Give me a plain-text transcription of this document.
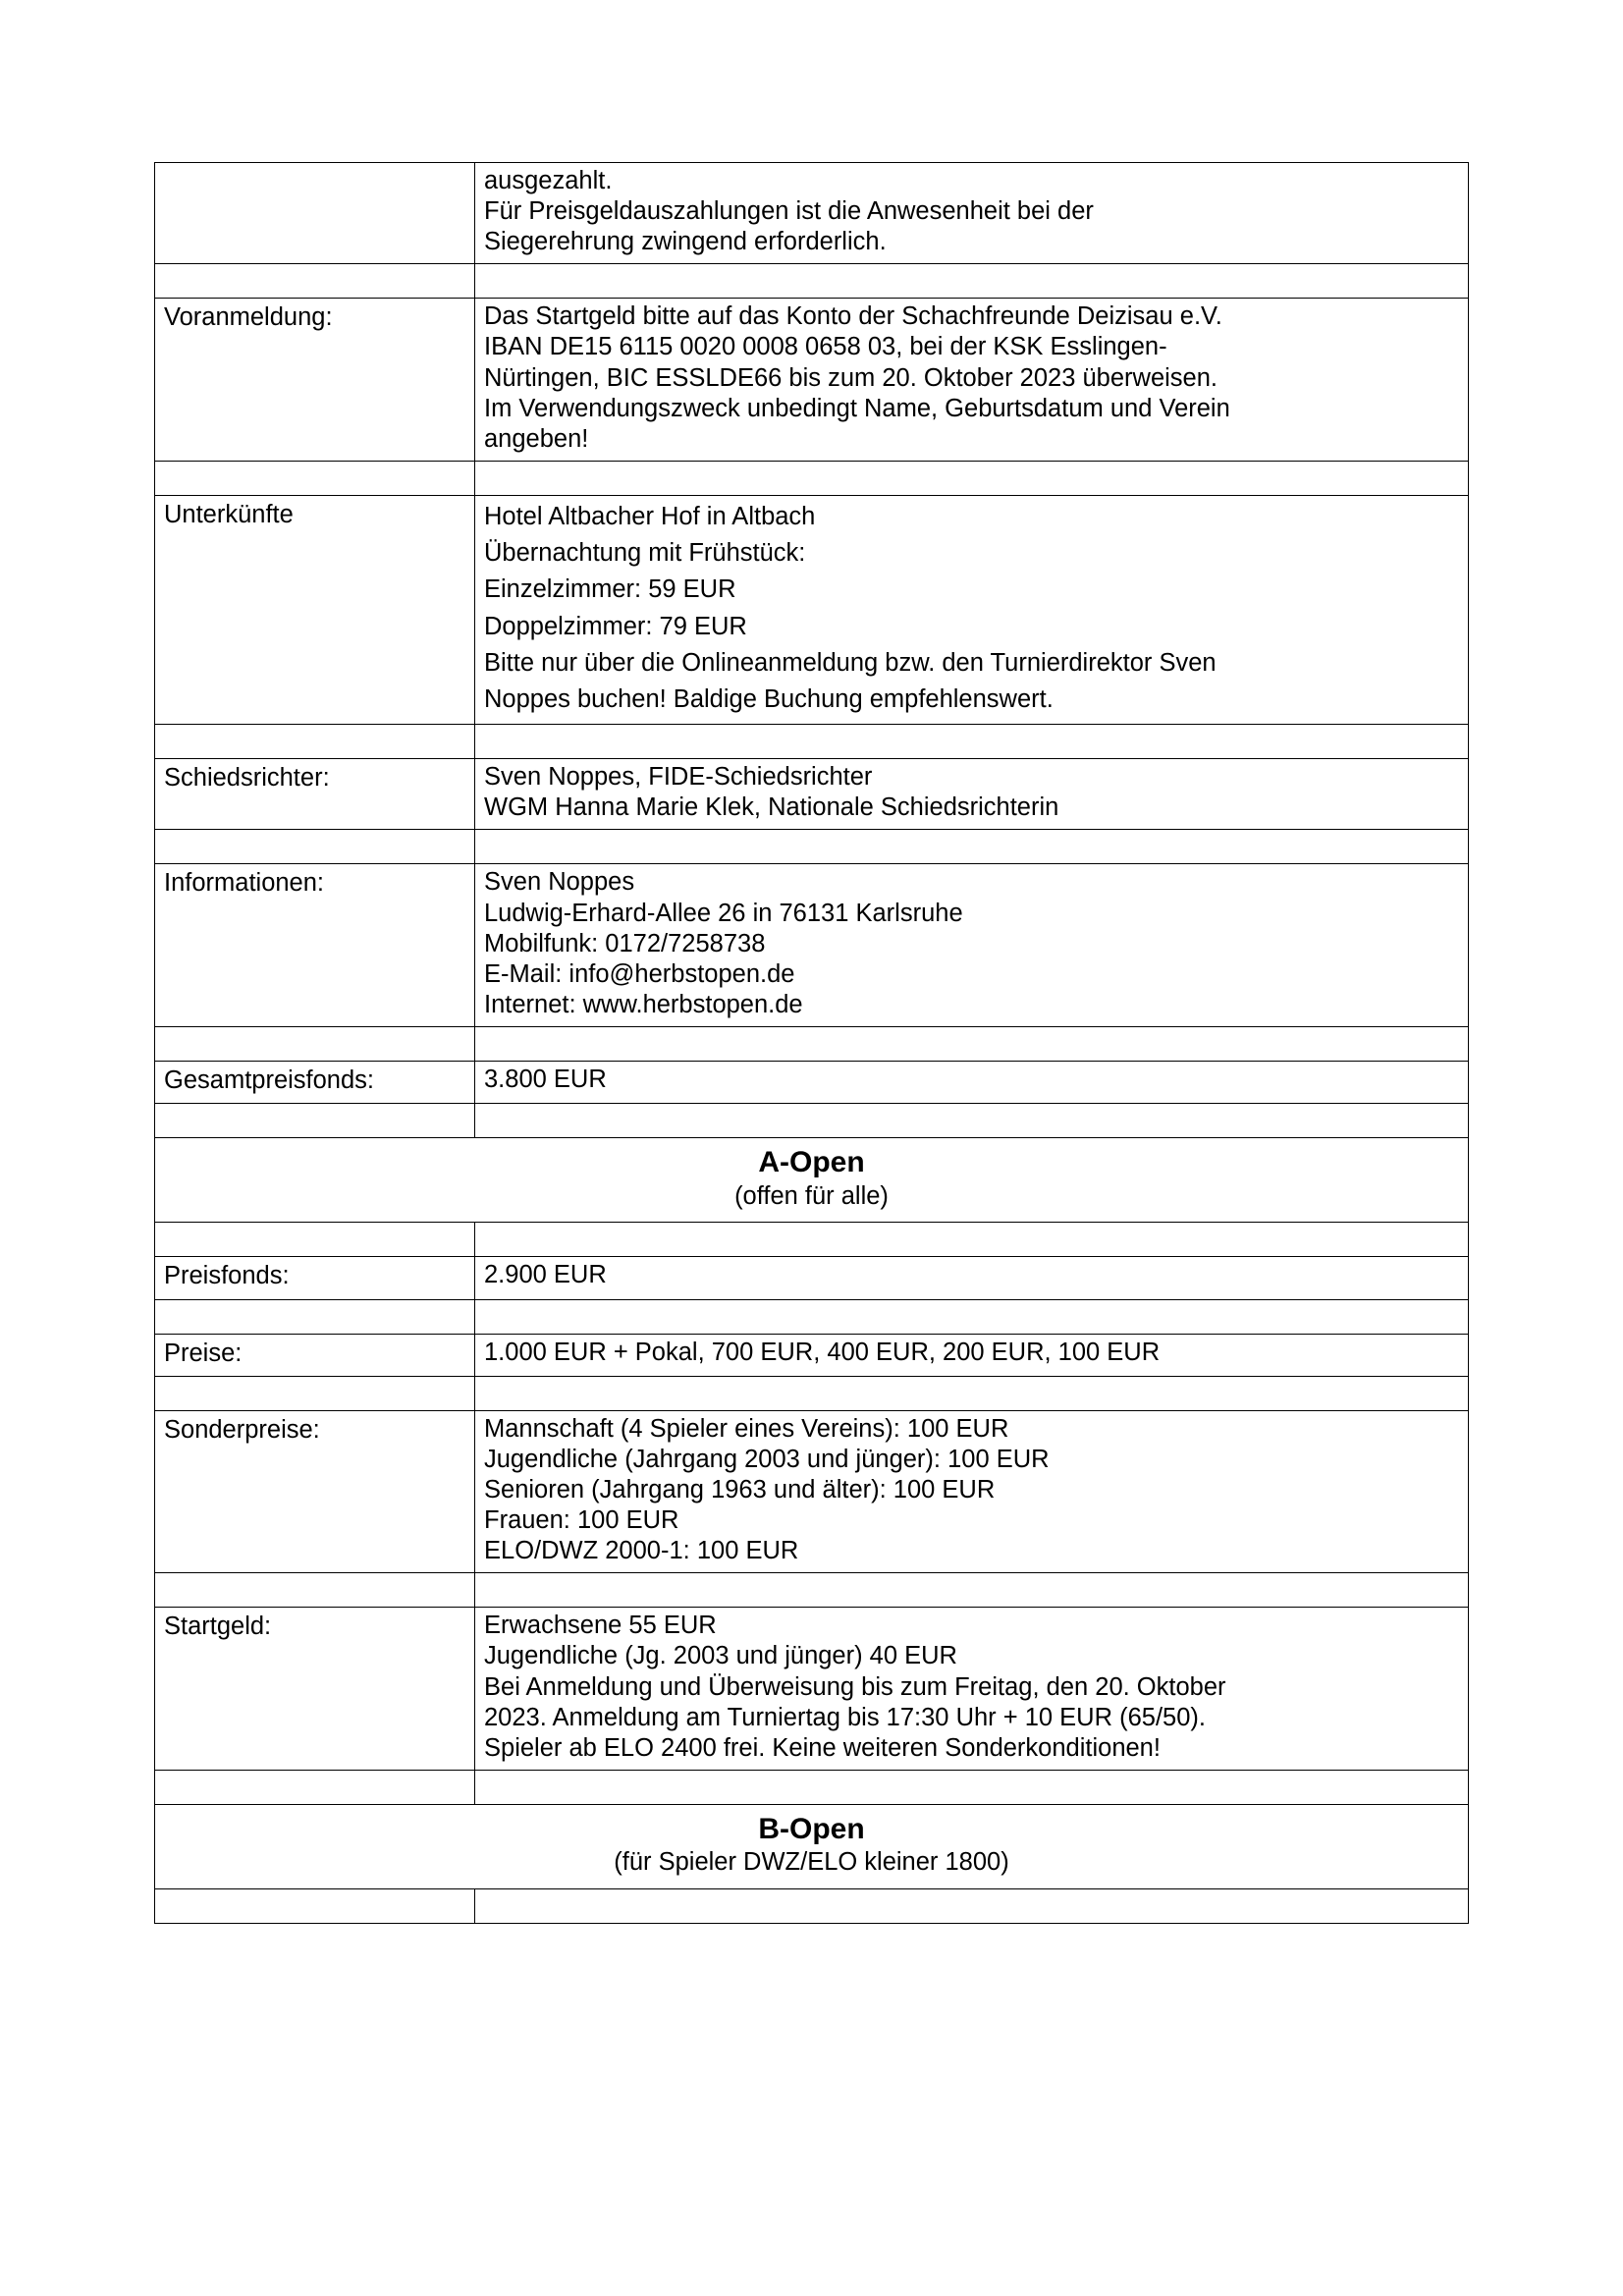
	ausgezahlt.
Für Preisgeldauszahlungen ist die Anwesenheit bei der
Siegerehrung zwingend erforderlich.

Voranmeldung:	Das Startgeld bitte auf das Konto der Schachfreunde Deizisau e.V.
IBAN DE15 6115 0020 0008 0658 03, bei der KSK Esslingen-
Nürtingen, BIC ESSLDE66 bis zum 20. Oktober 2023 überweisen.
Im Verwendungszweck unbedingt Name, Geburtsdatum und Verein
angeben!

Unterkünfte	Hotel Altbacher Hof in Altbach
Übernachtung mit Frühstück:
Einzelzimmer: 59 EUR
Doppelzimmer: 79 EUR
Bitte nur über die Onlineanmeldung bzw. den Turnierdirektor Sven
Noppes buchen! Baldige Buchung empfehlenswert.

Schiedsrichter:	Sven Noppes, FIDE-Schiedsrichter
WGM Hanna Marie Klek, Nationale Schiedsrichterin

Informationen:	Sven Noppes
Ludwig-Erhard-Allee 26 in 76131 Karlsruhe
Mobilfunk: 0172/7258738
E-Mail: info@herbstopen.de
Internet: www.herbstopen.de

Gesamtpreisfonds:	3.800 EUR

A-Open
(offen für alle)	

Preisfonds:	2.900 EUR

Preise:	1.000 EUR + Pokal, 700 EUR, 400 EUR, 200 EUR, 100 EUR

Sonderpreise:	Mannschaft (4 Spieler eines Vereins): 100 EUR
Jugendliche (Jahrgang 2003 und jünger): 100 EUR
Senioren (Jahrgang 1963 und älter): 100 EUR
Frauen: 100 EUR
ELO/DWZ 2000-1: 100 EUR

Startgeld:	Erwachsene 55 EUR
Jugendliche (Jg. 2003 und jünger) 40 EUR
Bei Anmeldung und Überweisung bis zum Freitag, den 20. Oktober
2023. Anmeldung am Turniertag bis 17:30 Uhr + 10 EUR (65/50).
Spieler ab ELO 2400 frei. Keine weiteren Sonderkonditionen!

B-Open
(für Spieler DWZ/ELO kleiner 1800)	
